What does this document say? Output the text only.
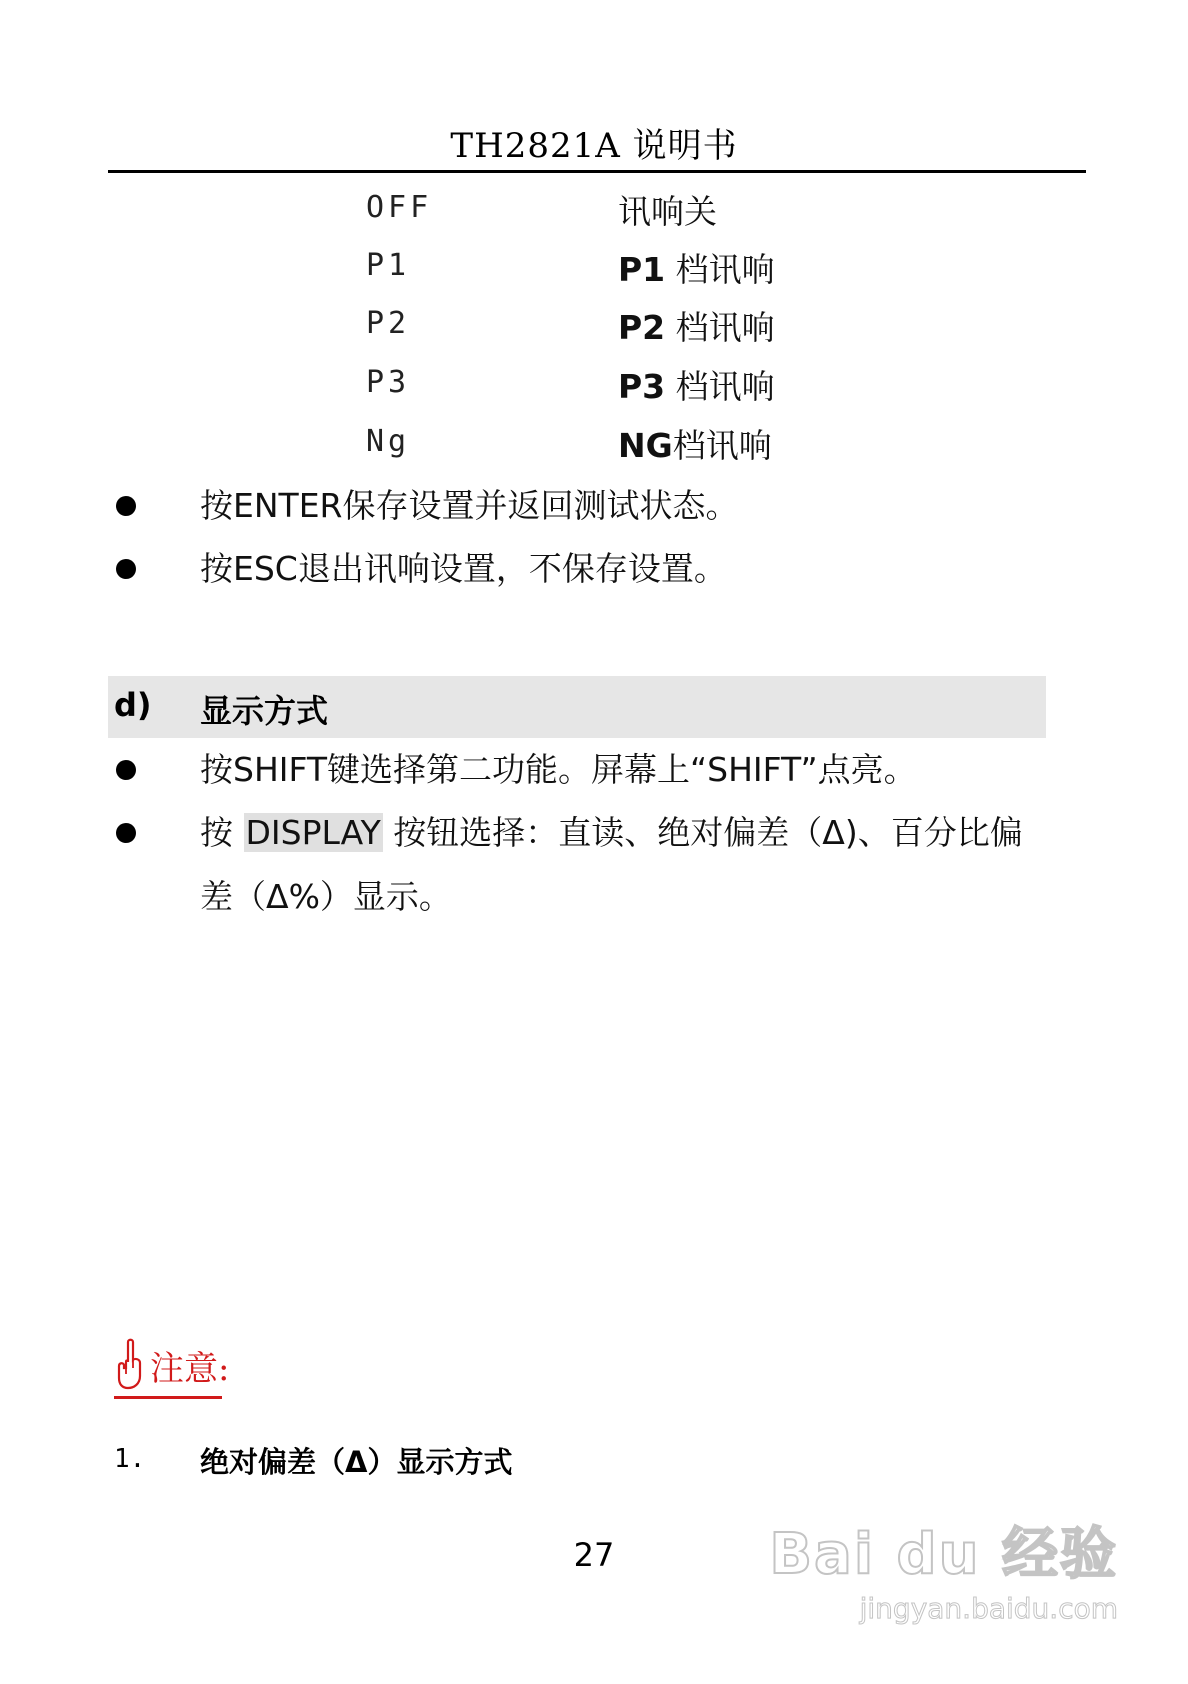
TH2821A 说明书
OFF	讯响关
P1	P1 档讯响
P2	P2 档讯响
P3	P3 档讯响
Ng	NG档讯响
按ENTER保存设置并返回测试状态。
按ESC退出讯响设置，不保存设置。
d) 显示方式
按SHIFT键选择第二功能。屏幕上“SHIFT”点亮。
按 DISPLAY 按钮选择：直读、绝对偏差（Δ)、百分比偏
差（Δ%）显示。
注意:
1. 绝对偏差（Δ）显示方式
27	Bai du 经验
jingyan.baidu.com
